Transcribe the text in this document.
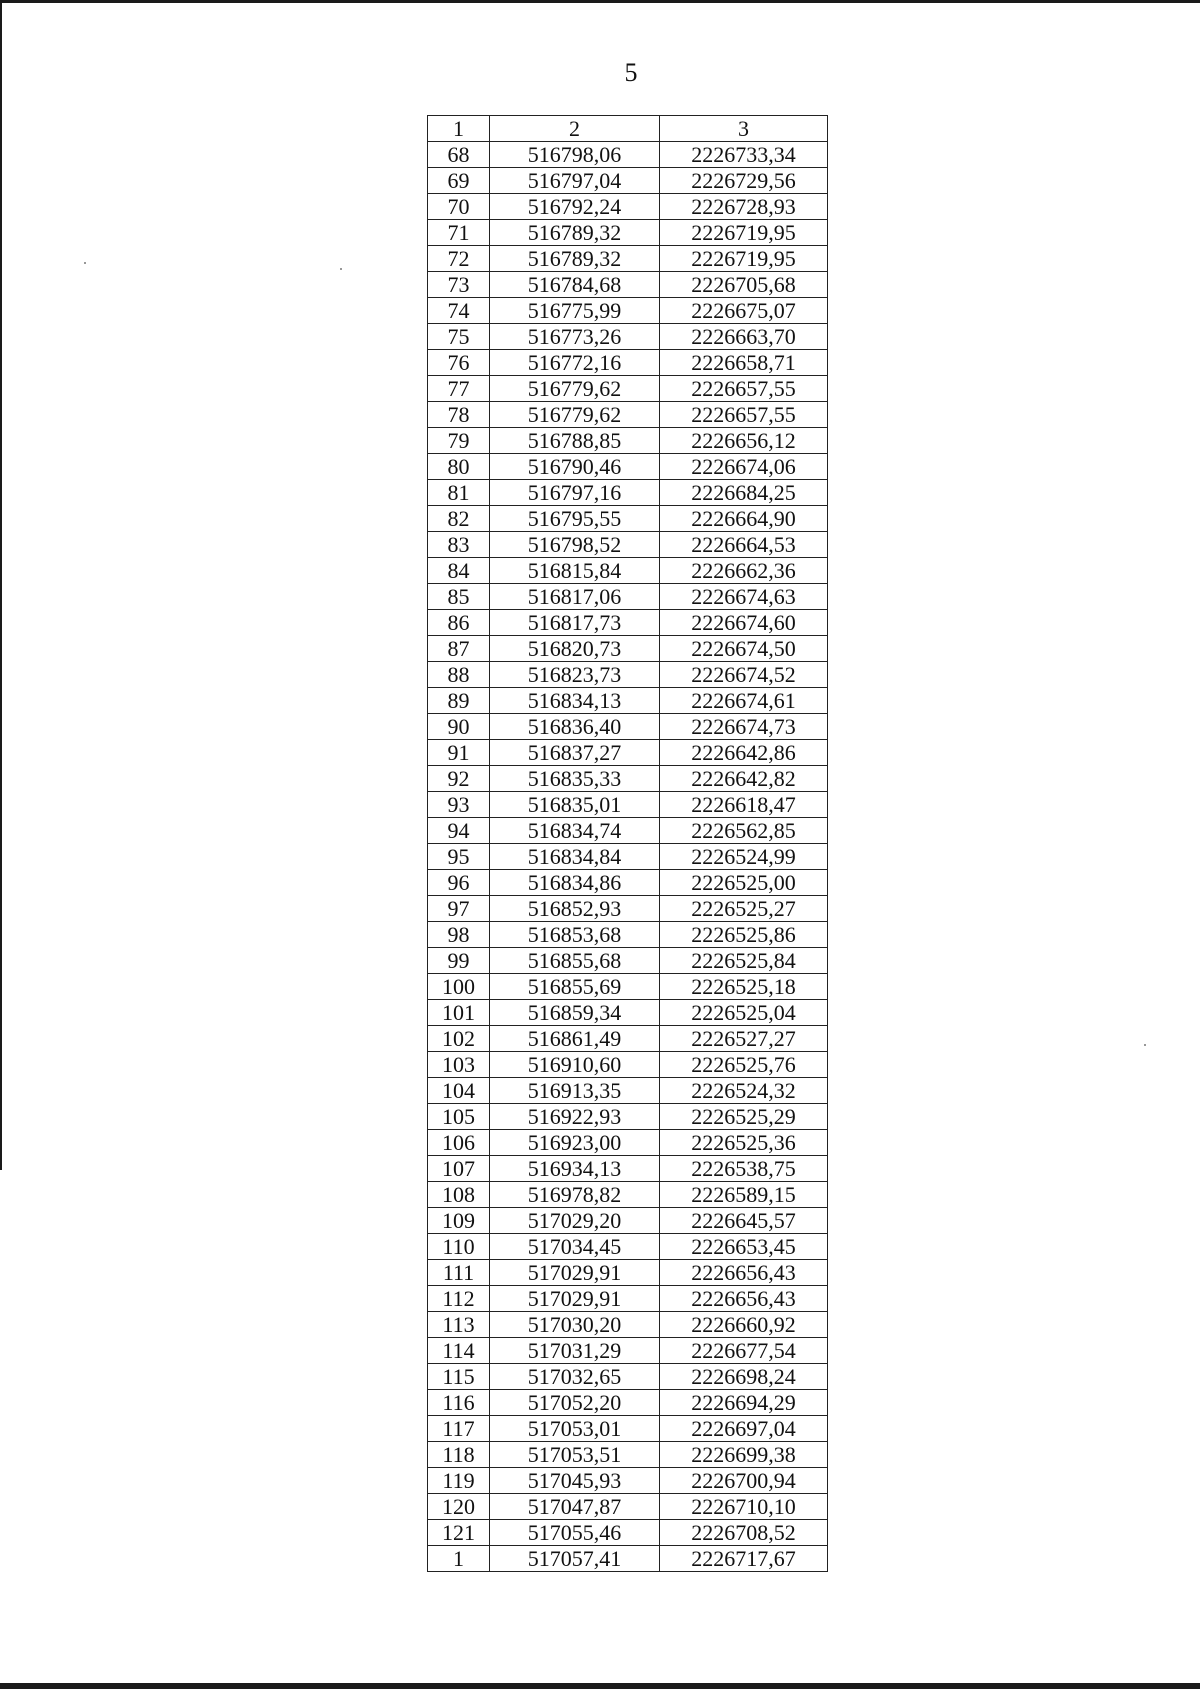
5
1	2	3
68	516798,06	2226733,34
69	516797,04	2226729,56
70	516792,24	2226728,93
71	516789,32	2226719,95
72	516789,32	2226719,95
73	516784,68	2226705,68
74	516775,99	2226675,07
75	516773,26	2226663,70
76	516772,16	2226658,71
77	516779,62	2226657,55
78	516779,62	2226657,55
79	516788,85	2226656,12
80	516790,46	2226674,06
81	516797,16	2226684,25
82	516795,55	2226664,90
83	516798,52	2226664,53
84	516815,84	2226662,36
85	516817,06	2226674,63
86	516817,73	2226674,60
87	516820,73	2226674,50
88	516823,73	2226674,52
89	516834,13	2226674,61
90	516836,40	2226674,73
91	516837,27	2226642,86
92	516835,33	2226642,82
93	516835,01	2226618,47
94	516834,74	2226562,85
95	516834,84	2226524,99
96	516834,86	2226525,00
97	516852,93	2226525,27
98	516853,68	2226525,86
99	516855,68	2226525,84
100	516855,69	2226525,18
101	516859,34	2226525,04
102	516861,49	2226527,27
103	516910,60	2226525,76
104	516913,35	2226524,32
105	516922,93	2226525,29
106	516923,00	2226525,36
107	516934,13	2226538,75
108	516978,82	2226589,15
109	517029,20	2226645,57
110	517034,45	2226653,45
111	517029,91	2226656,43
112	517029,91	2226656,43
113	517030,20	2226660,92
114	517031,29	2226677,54
115	517032,65	2226698,24
116	517052,20	2226694,29
117	517053,01	2226697,04
118	517053,51	2226699,38
119	517045,93	2226700,94
120	517047,87	2226710,10
121	517055,46	2226708,52
1	517057,41	2226717,67
